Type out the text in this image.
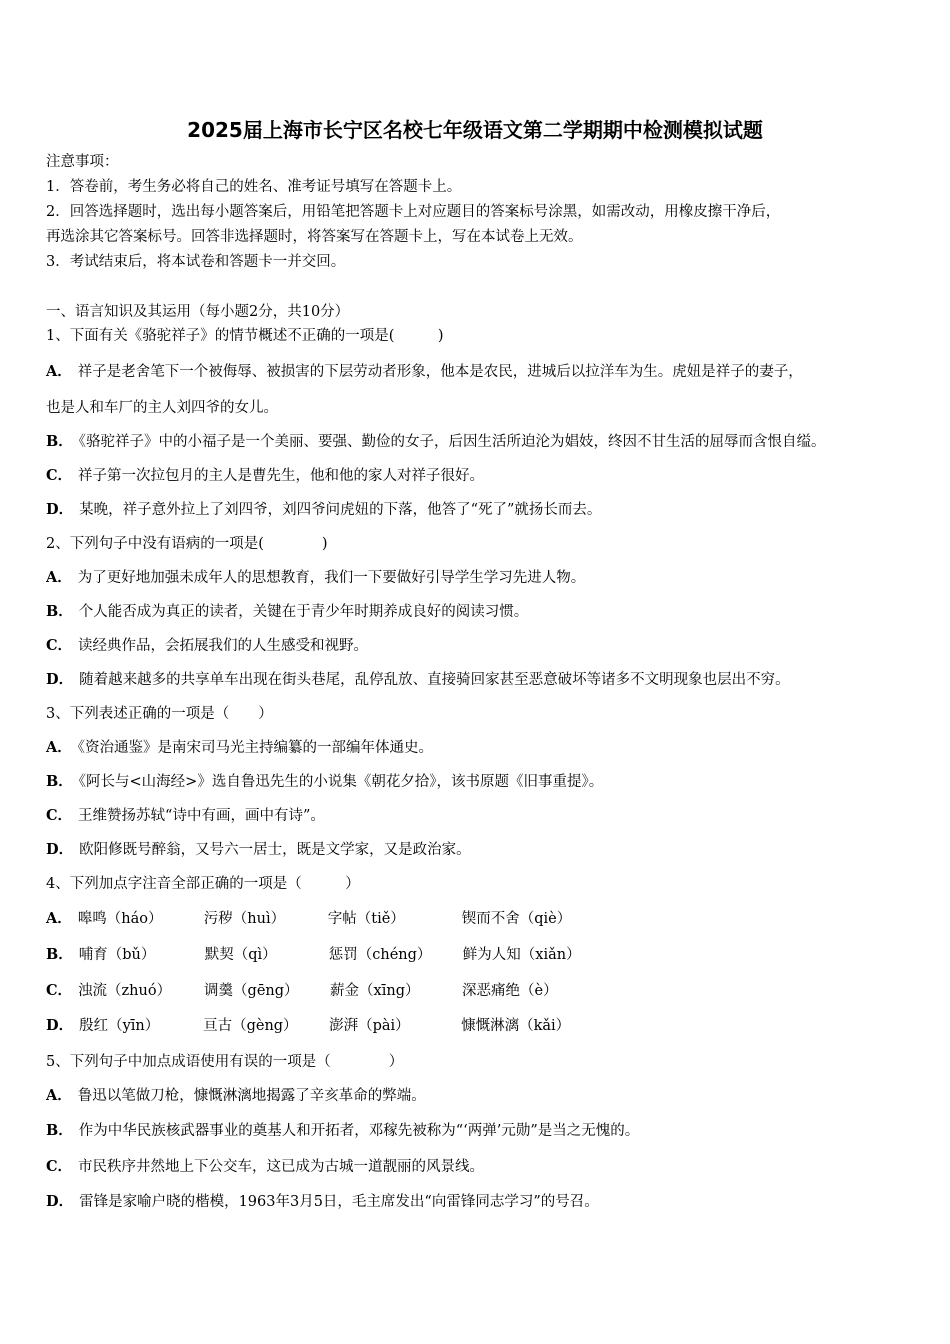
2025届上海市长宁区名校七年级语文第二学期期中检测模拟试题
注意事项：
1．答卷前，考生务必将自己的姓名、准考证号填写在答题卡上。
2．回答选择题时，选出每小题答案后，用铅笔把答题卡上对应题目的答案标号涂黑，如需改动，用橡皮擦干净后，
再选涂其它答案标号。回答非选择题时，将答案写在答题卡上，写在本试卷上无效。
3．考试结束后，将本试卷和答题卡一并交回。
一、语言知识及其运用（每小题2分，共10分）
1、下面有关《骆驼祥子》的情节概述不正确的一项是(　　　)
A． 祥子是老舍笔下一个被侮辱、被损害的下层劳动者形象，他本是农民，进城后以拉洋车为生。虎妞是祥子的妻子，
也是人和车厂的主人刘四爷的女儿。
B． 《骆驼祥子》中的小福子是一个美丽、要强、勤俭的女子，后因生活所迫沦为娼妓，终因不甘生活的屈辱而含恨自缢。
C． 祥子第一次拉包月的主人是曹先生，他和他的家人对祥子很好。
D． 某晚，祥子意外拉上了刘四爷，刘四爷问虎妞的下落，他答了“死了”就扬长而去。
2、下列句子中没有语病的一项是(　　　　)
A． 为了更好地加强未成年人的思想教育，我们一下要做好引导学生学习先进人物。
B． 个人能否成为真正的读者，关键在于青少年时期养成良好的阅读习惯。
C． 读经典作品，会拓展我们的人生感受和视野。
D． 随着越来越多的共享单车出现在街头巷尾，乱停乱放、直接骑回家甚至恶意破坏等诸多不文明现象也层出不穷。
3、下列表述正确的一项是（　　）
A． 《资治通鉴》是南宋司马光主持编纂的一部编年体通史。
B． 《阿长与<山海经>》选自鲁迅先生的小说集《朝花夕拾》，该书原题《旧事重提》。
C． 王维赞扬苏轼“诗中有画，画中有诗”。
D． 欧阳修既号醉翁，又号六一居士，既是文学家，又是政治家。
4、下列加点字注音全部正确的一项是（　　　）
A． 嗥鸣（háo）	污秽（huì）	字帖（tiě）	锲而不舍（qiè）
B． 哺育（bǔ）	默契（qì）	惩罚（chéng） 鲜为人知（xiǎn）
C． 浊流（zhuó） 调羹（gēng） 薪金（xīng）	深恶痛绝（è）
D． 殷红（yīn）	亘古（gèng） 澎湃（pài）	慷慨淋漓（kǎi）
5、下列句子中加点成语使用有误的一项是（　　　　）
A． 鲁迅以笔做刀枪，慷慨淋漓地揭露了辛亥革命的弊端。
B． 作为中华民族核武器事业的奠基人和开拓者，邓稼先被称为“‘两弹’元勋”是当之无愧的。
C． 市民秩序井然地上下公交车，这已成为古城一道靓丽的风景线。
D． 雷锋是家喻户晓的楷模，1963年3月5日，毛主席发出“向雷锋同志学习”的号召。
